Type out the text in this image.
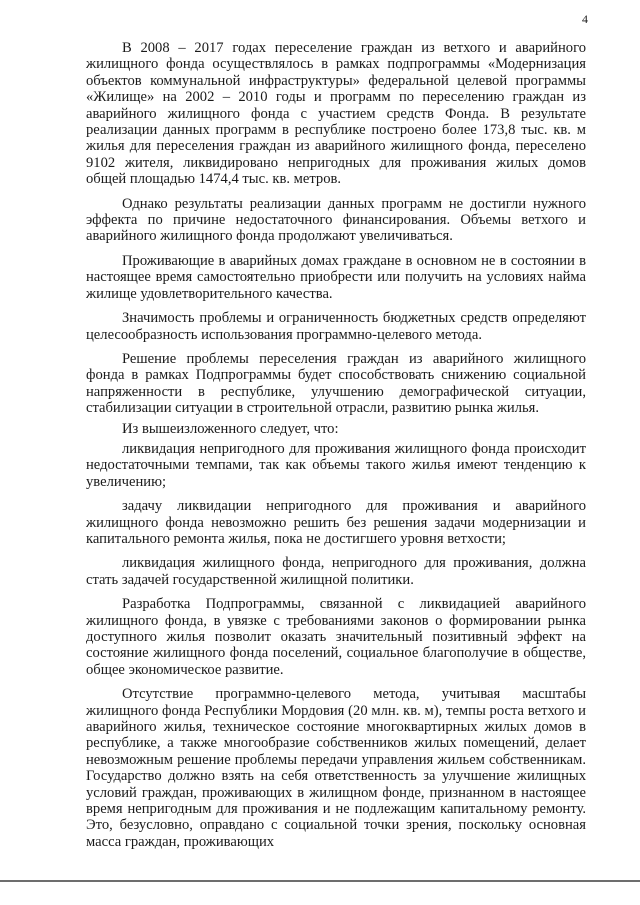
4

В 2008 – 2017 годах переселение граждан из ветхого и аварийного жилищного фонда осуществлялось в рамках подпрограммы «Модернизация объектов коммунальной инфраструктуры» федеральной целевой программы «Жилище» на 2002 – 2010 годы и программ по переселению граждан из аварийного жилищного фонда с участием средств Фонда. В результате реализации данных программ в республике построено более 173,8 тыс. кв. м жилья для переселения граждан из аварийного жилищного фонда, переселено 9102 жителя, ликвидировано непригодных для проживания жилых домов общей площадью 1474,4 тыс. кв. метров.

Однако результаты реализации данных программ не достигли нужного эффекта по причине недостаточного финансирования. Объемы ветхого и аварийного жилищного фонда продолжают увеличиваться.

Проживающие в аварийных домах граждане в основном не в состоянии в настоящее время самостоятельно приобрести или получить на условиях найма жилище удовлетворительного качества.

Значимость проблемы и ограниченность бюджетных средств определяют целесообразность использования программно-целевого метода.

Решение проблемы переселения граждан из аварийного жилищного фонда в рамках Подпрограммы будет способствовать снижению социальной напряженности в республике, улучшению демографической ситуации, стабилизации ситуации в строительной отрасли, развитию рынка жилья.

Из вышеизложенного следует, что:

ликвидация непригодного для проживания жилищного фонда происходит недостаточными темпами, так как объемы такого жилья имеют тенденцию к увеличению;

задачу ликвидации непригодного для проживания и аварийного жилищного фонда невозможно решить без решения задачи модернизации и капитального ремонта жилья, пока не достигшего уровня ветхости;

ликвидация жилищного фонда, непригодного для проживания, должна стать задачей государственной жилищной политики.

Разработка Подпрограммы, связанной с ликвидацией аварийного жилищного фонда, в увязке с требованиями законов о формировании рынка доступного жилья позволит оказать значительный позитивный эффект на состояние жилищного фонда поселений, социальное благополучие в обществе, общее экономическое развитие.

Отсутствие программно-целевого метода, учитывая масштабы жилищного фонда Республики Мордовия (20 млн. кв. м), темпы роста ветхого и аварийного жилья, техническое состояние многоквартирных жилых домов в республике, а также многообразие собственников жилых помещений, делает невозможным решение проблемы передачи управления жильем собственникам. Государство должно взять на себя ответственность за улучшение жилищных условий граждан, проживающих в жилищном фонде, признанном в настоящее время непригодным для проживания и не подлежащим капитальному ремонту. Это, безусловно, оправдано с социальной точки зрения, поскольку основная масса граждан, проживающих
